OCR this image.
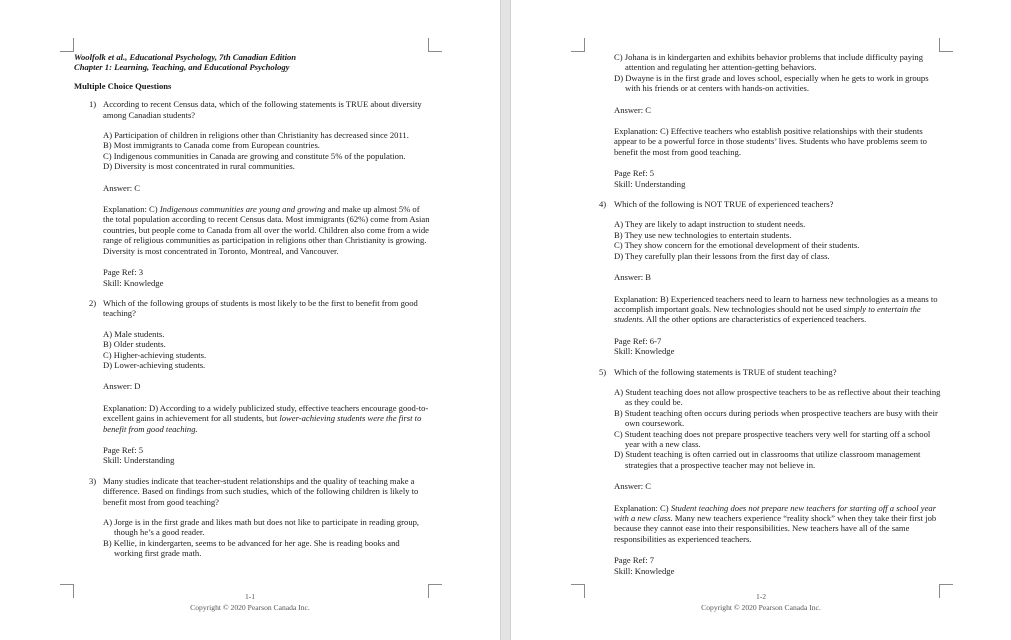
Woolfolk et al., Educational Psychology, 7th Canadian Edition
Chapter 1: Learning, Teaching, and Educational Psychology
Multiple Choice Questions
1) According to recent Census data, which of the following statements is TRUE about diversity among Canadian students?
A) Participation of children in religions other than Christianity has decreased since 2011.
B) Most immigrants to Canada come from European countries.
C) Indigenous communities in Canada are growing and constitute 5% of the population.
D) Diversity is most concentrated in rural communities.
Answer: C
Explanation: C) Indigenous communities are young and growing and make up almost 5% of the total population according to recent Census data. Most immigrants (62%) come from Asian countries, but people come to Canada from all over the world. Children also come from a wide range of religious communities as participation in religions other than Christianity is growing. Diversity is most concentrated in Toronto, Montreal, and Vancouver.
Page Ref: 3
Skill: Knowledge
2) Which of the following groups of students is most likely to be the first to benefit from good teaching?
A) Male students.
B) Older students.
C) Higher-achieving students.
D) Lower-achieving students.
Answer: D
Explanation: D) According to a widely publicized study, effective teachers encourage good-to-excellent gains in achievement for all students, but lower-achieving students were the first to benefit from good teaching.
Page Ref: 5
Skill: Understanding
3) Many studies indicate that teacher-student relationships and the quality of teaching make a difference. Based on findings from such studies, which of the following children is likely to benefit most from good teaching?
A) Jorge is in the first grade and likes math but does not like to participate in reading group, though he’s a good reader.
B) Kellie, in kindergarten, seems to be advanced for her age. She is reading books and working first grade math.
1-1
Copyright © 2020 Pearson Canada Inc.
C) Johana is in kindergarten and exhibits behavior problems that include difficulty paying attention and regulating her attention-getting behaviors.
D) Dwayne is in the first grade and loves school, especially when he gets to work in groups with his friends or at centers with hands-on activities.
Answer: C
Explanation: C) Effective teachers who establish positive relationships with their students appear to be a powerful force in those students’ lives. Students who have problems seem to benefit the most from good teaching.
Page Ref: 5
Skill: Understanding
4) Which of the following is NOT TRUE of experienced teachers?
A) They are likely to adapt instruction to student needs.
B) They use new technologies to entertain students.
C) They show concern for the emotional development of their students.
D) They carefully plan their lessons from the first day of class.
Answer: B
Explanation: B) Experienced teachers need to learn to harness new technologies as a means to accomplish important goals. New technologies should not be used simply to entertain the students. All the other options are characteristics of experienced teachers.
Page Ref: 6-7
Skill: Knowledge
5) Which of the following statements is TRUE of student teaching?
A) Student teaching does not allow prospective teachers to be as reflective about their teaching as they could be.
B) Student teaching often occurs during periods when prospective teachers are busy with their own coursework.
C) Student teaching does not prepare prospective teachers very well for starting off a school year with a new class.
D) Student teaching is often carried out in classrooms that utilize classroom management strategies that a prospective teacher may not believe in.
Answer: C
Explanation: C) Student teaching does not prepare new teachers for starting off a school year with a new class. Many new teachers experience “reality shock” when they take their first job because they cannot ease into their responsibilities. New teachers have all of the same responsibilities as experienced teachers.
Page Ref: 7
Skill: Knowledge
1-2
Copyright © 2020 Pearson Canada Inc.
